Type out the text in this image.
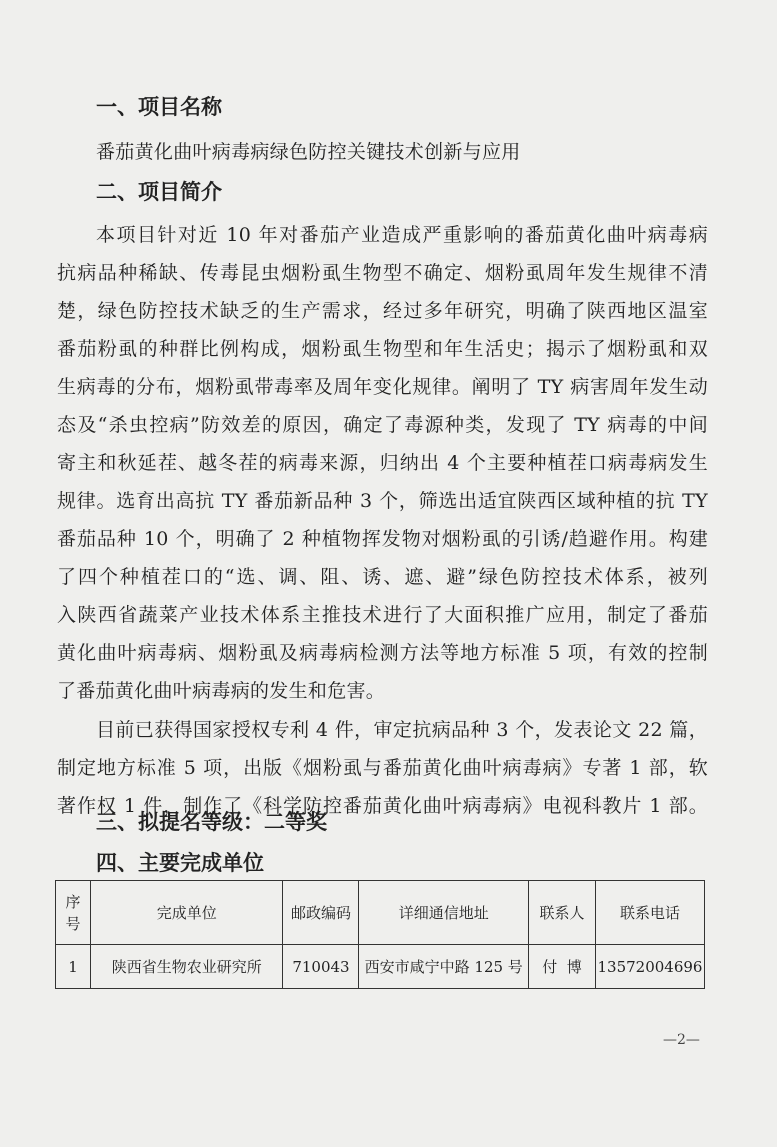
一、项目名称
番茄黄化曲叶病毒病绿色防控关键技术创新与应用
二、项目简介
本项目针对近 10 年对番茄产业造成严重影响的番茄黄化曲叶病毒病
抗病品种稀缺、传毒昆虫烟粉虱生物型不确定、烟粉虱周年发生规律不清
楚，绿色防控技术缺乏的生产需求，经过多年研究，明确了陕西地区温室
番茄粉虱的种群比例构成，烟粉虱生物型和年生活史；揭示了烟粉虱和双
生病毒的分布，烟粉虱带毒率及周年变化规律。阐明了 TY 病害周年发生动
态及“杀虫控病”防效差的原因，确定了毒源种类，发现了 TY 病毒的中间
寄主和秋延茬、越冬茬的病毒来源，归纳出 4 个主要种植茬口病毒病发生
规律。选育出高抗 TY 番茄新品种 3 个，筛选出适宜陕西区域种植的抗 TY
番茄品种 10 个，明确了 2 种植物挥发物对烟粉虱的引诱/趋避作用。构建
了四个种植茬口的“选、调、阻、诱、遮、避”绿色防控技术体系，被列
入陕西省蔬菜产业技术体系主推技术进行了大面积推广应用，制定了番茄
黄化曲叶病毒病、烟粉虱及病毒病检测方法等地方标准 5 项，有效的控制
了番茄黄化曲叶病毒病的发生和危害。
目前已获得国家授权专利 4 件，审定抗病品种 3 个，发表论文 22 篇，
制定地方标准 5 项，出版《烟粉虱与番茄黄化曲叶病毒病》专著 1 部，软
著作权 1 件，制作了《科学防控番茄黄化曲叶病毒病》电视科教片 1 部。
三、拟提名等级：二等奖
四、主要完成单位
序
号	完成单位	邮政编码	详细通信地址	联系人	联系电话
1	陕西省生物农业研究所	710043	西安市咸宁中路 125 号	付  博	13572004696
—2—
